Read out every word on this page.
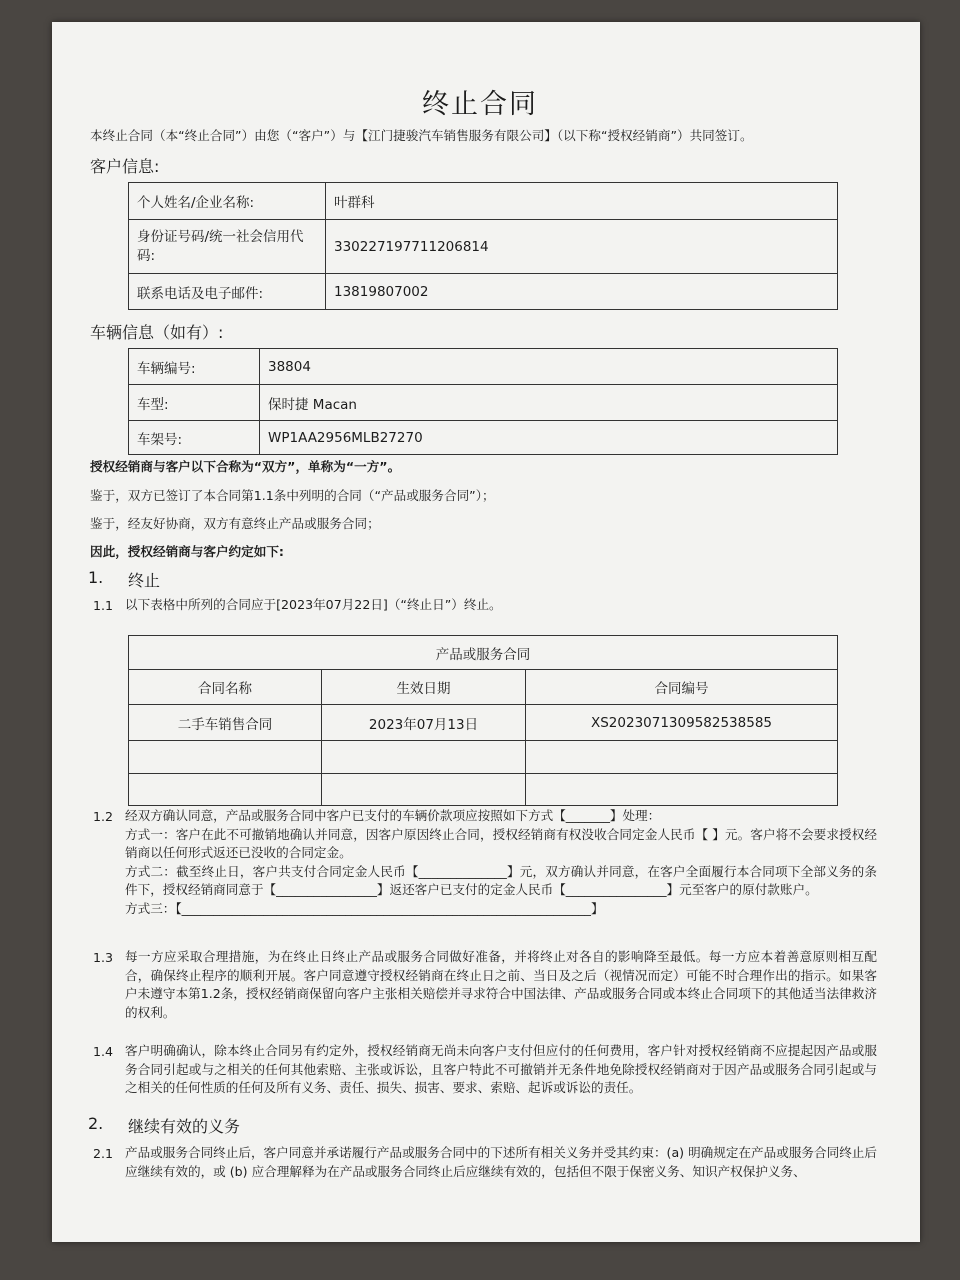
终止合同
本终止合同（本“终止合同”）由您（“客户”）与【江门捷骏汽车销售服务有限公司】（以下称“授权经销商”）共同签订。
客户信息:
个人姓名/企业名称:	叶群科
身份证号码/统一社会信用代码:	330227197711206814
联系电话及电子邮件:	13819807002
车辆信息（如有）:
车辆编号:	38804
车型:	保时捷 Macan
车架号:	WP1AA2956MLB27270
授权经销商与客户以下合称为“双方”，单称为“一方”。
鉴于，双方已签订了本合同第1.1条中列明的合同（“产品或服务合同”）；
鉴于，经友好协商，双方有意终止产品或服务合同；
因此，授权经销商与客户约定如下:
1. 终止
1.1 以下表格中所列的合同应于[2023年07月22日]（“终止日”）终止。
产品或服务合同		
合同名称	生效日期	合同编号
二手车销售合同	2023年07月13日	XS2023071309582538585

1.2 经双方确认同意，产品或服务合同中客户已支付的车辆价款项应按照如下方式【_______】处理：

方式一：客户在此不可撤销地确认并同意，因客户原因终止合同，授权经销商有权没收合同定金人民币【 】元。客户将不会要求授权经销商以任何形式返还已没收的合同定金。

方式二：截至终止日，客户共支付合同定金人民币【______________】元，双方确认并同意，在客户全面履行本合同项下全部义务的条件下，授权经销商同意于【________________】返还客户已支付的定金人民币【________________】元至客户的原付款账户。

方式三：【_________________________________________________________________】

1.3 每一方应采取合理措施，为在终止日终止产品或服务合同做好准备，并将终止对各自的影响降至最低。每一方应本着善意原则相互配合，确保终止程序的顺利开展。客户同意遵守授权经销商在终止日之前、当日及之后（视情况而定）可能不时合理作出的指示。如果客户未遵守本第1.2条，授权经销商保留向客户主张相关赔偿并寻求符合中国法律、产品或服务合同或本终止合同项下的其他适当法律救济的权利。
1.4 客户明确确认，除本终止合同另有约定外，授权经销商无尚未向客户支付但应付的任何费用，客户针对授权经销商不应提起因产品或服务合同引起或与之相关的任何其他索赔、主张或诉讼，且客户特此不可撤销并无条件地免除授权经销商对于因产品或服务合同引起或与之相关的任何性质的任何及所有义务、责任、损失、损害、要求、索赔、起诉或诉讼的责任。
2. 继续有效的义务
2.1 产品或服务合同终止后，客户同意并承诺履行产品或服务合同中的下述所有相关义务并受其约束：(a) 明确规定在产品或服务合同终止后应继续有效的，或 (b) 应合理解释为在产品或服务合同终止后应继续有效的，包括但不限于保密义务、知识产权保护义务、
